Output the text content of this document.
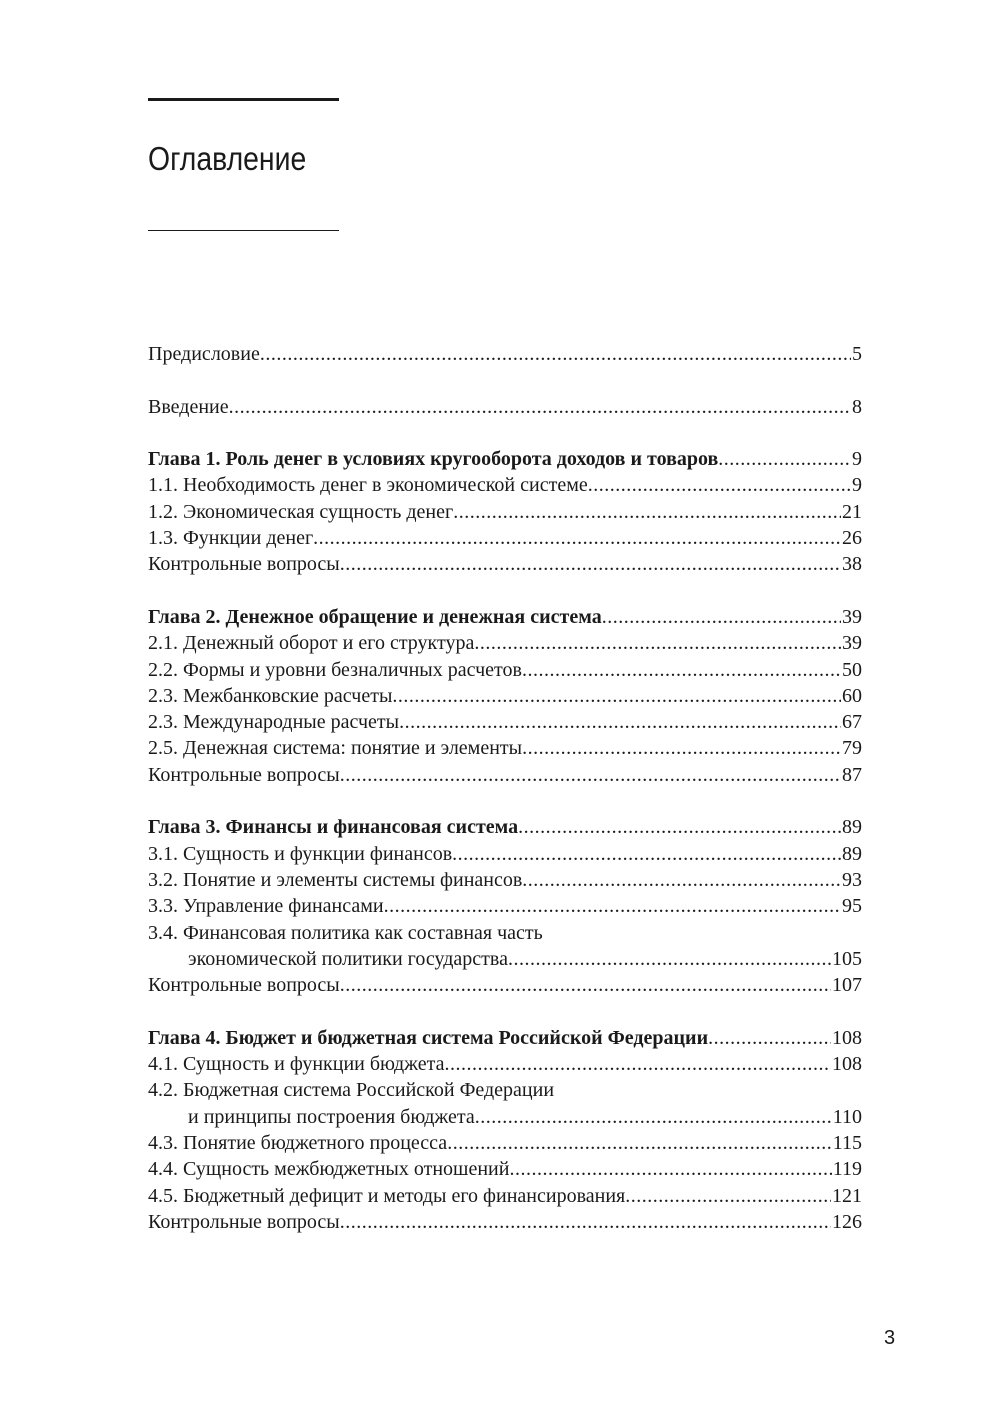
Оглавление
Предисловие .....	5
Введение .....	8
Глава 1. Роль денег в условиях кругооборота доходов и товаров .....	9
1.1. Необходимость денег в экономической системе .....	9
1.2. Экономическая сущность денег .....	21
1.3. Функции денег .....	26
Контрольные вопросы .....	38
Глава 2. Денежное обращение и денежная система .....	39
2.1. Денежный оборот и его структура .....	39
2.2. Формы и уровни безналичных расчетов .....	50
2.3. Межбанковские расчеты .....	60
2.3. Международные расчеты .....	67
2.5. Денежная система: понятие и элементы .....	79
Контрольные вопросы .....	87
Глава 3. Финансы и финансовая система .....	89
3.1. Сущность и функции финансов .....	89
3.2. Понятие и элементы системы финансов .....	93
3.3. Управление финансами .....	95
3.4. Финансовая политика как составная часть
экономической политики государства .....	105
Контрольные вопросы .....	107
Глава 4. Бюджет и бюджетная система Российской Федерации .....	108
4.1. Сущность и функции бюджета .....	108
4.2. Бюджетная система Российской Федерации
и принципы построения бюджета .....	110
4.3. Понятие бюджетного процесса .....	115
4.4. Сущность межбюджетных отношений .....	119
4.5. Бюджетный дефицит и методы его финансирования .....	121
Контрольные вопросы .....	126
3
